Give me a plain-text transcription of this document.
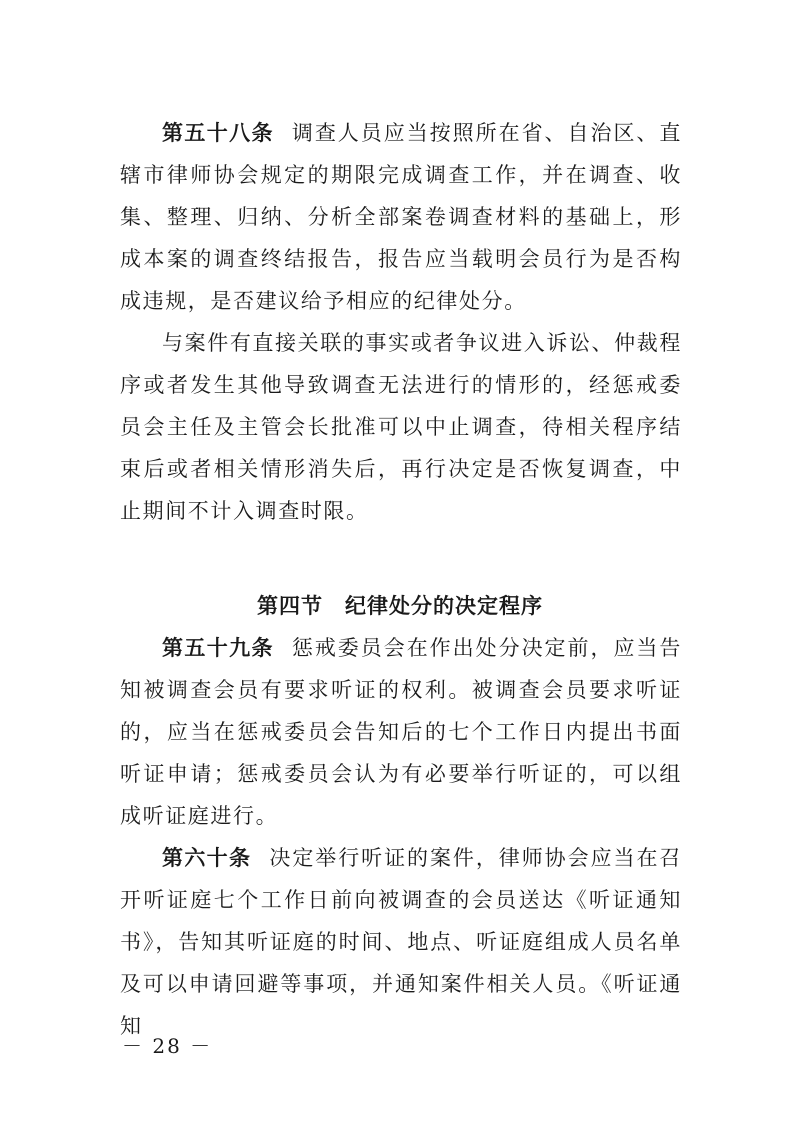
第五十八条 调查人员应当按照所在省、自治区、直辖市律师协会规定的期限完成调查工作，并在调查、收集、整理、归纳、分析全部案卷调查材料的基础上，形成本案的调查终结报告，报告应当载明会员行为是否构成违规，是否建议给予相应的纪律处分。

与案件有直接关联的事实或者争议进入诉讼、仲裁程序或者发生其他导致调查无法进行的情形的，经惩戒委员会主任及主管会长批准可以中止调查，待相关程序结束后或者相关情形消失后，再行决定是否恢复调查，中止期间不计入调查时限。

第四节 纪律处分的决定程序

第五十九条 惩戒委员会在作出处分决定前，应当告知被调查会员有要求听证的权利。被调查会员要求听证的，应当在惩戒委员会告知后的七个工作日内提出书面听证申请；惩戒委员会认为有必要举行听证的，可以组成听证庭进行。

第六十条 决定举行听证的案件，律师协会应当在召开听证庭七个工作日前向被调查的会员送达《听证通知书》，告知其听证庭的时间、地点、听证庭组成人员名单及可以申请回避等事项，并通知案件相关人员。《听证通知

－ 28 －
